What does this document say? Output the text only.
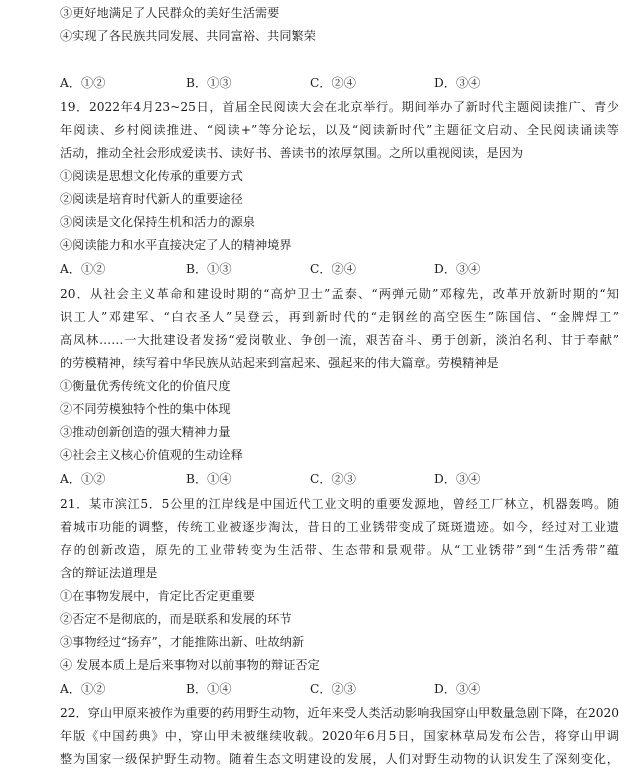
③更好地满足了人民群众的美好生活需要
④实现了各民族共同发展、共同富裕、共同繁荣
A．①②	B．①③	C．②④	D．③④
19．2022年4月23~25日，首届全民阅读大会在北京举行。期间举办了新时代主题阅读推广、青少
年阅读、乡村阅读推进、“阅读+”等分论坛，以及“阅读新时代”主题征文启动、全民阅读诵读等
活动，推动全社会形成爱读书、读好书、善读书的浓厚氛围。之所以重视阅读，是因为
①阅读是思想文化传承的重要方式
②阅读是培育时代新人的重要途径
③阅读是文化保持生机和活力的源泉
④阅读能力和水平直接决定了人的精神境界
A．①②	B．①③	C．②④	D．③④
20．从社会主义革命和建设时期的“高炉卫士”孟泰、“两弹元勋”邓稼先，改革开放新时期的“知
识工人”邓建军、“白衣圣人”吴登云，再到新时代的“走钢丝的高空医生”陈国信、“金牌焊工”
高凤林……一大批建设者发扬“爱岗敬业、争创一流，艰苦奋斗、勇于创新，淡泊名利、甘于奉献”
的劳模精神，续写着中华民族从站起来到富起来、强起来的伟大篇章。劳模精神是
①衡量优秀传统文化的价值尺度
②不同劳模独特个性的集中体现
③推动创新创造的强大精神力量
④社会主义核心价值观的生动诠释
A．①②	B．①④	C．②③	D．③④
21．某市滨江5．5公里的江岸线是中国近代工业文明的重要发源地，曾经工厂林立，机器轰鸣。随
着城市功能的调整，传统工业被逐步淘汰，昔日的工业锈带变成了斑斑遗迹。如今，经过对工业遗
存的创新改造，原先的工业带转变为生活带、生态带和景观带。从“工业锈带”到“生活秀带”蕴
含的辩证法道理是
①在事物发展中，肯定比否定更重要
②否定不是彻底的，而是联系和发展的环节
③事物经过“扬弃”，才能推陈出新、吐故纳新
④ 发展本质上是后来事物对以前事物的辩证否定
A．①②	B．①④	C．②③	D．③④
22．穿山甲原来被作为重要的药用野生动物，近年来受人类活动影响我国穿山甲数量急剧下降，在2020
年版《中国药典》中，穿山甲未被继续收载。2020年6月5日，国家林草局发布公告，将穿山甲调
整为国家一级保护野生动物。随着生态文明建设的发展，人们对野生动物的认识发生了深刻变化，
